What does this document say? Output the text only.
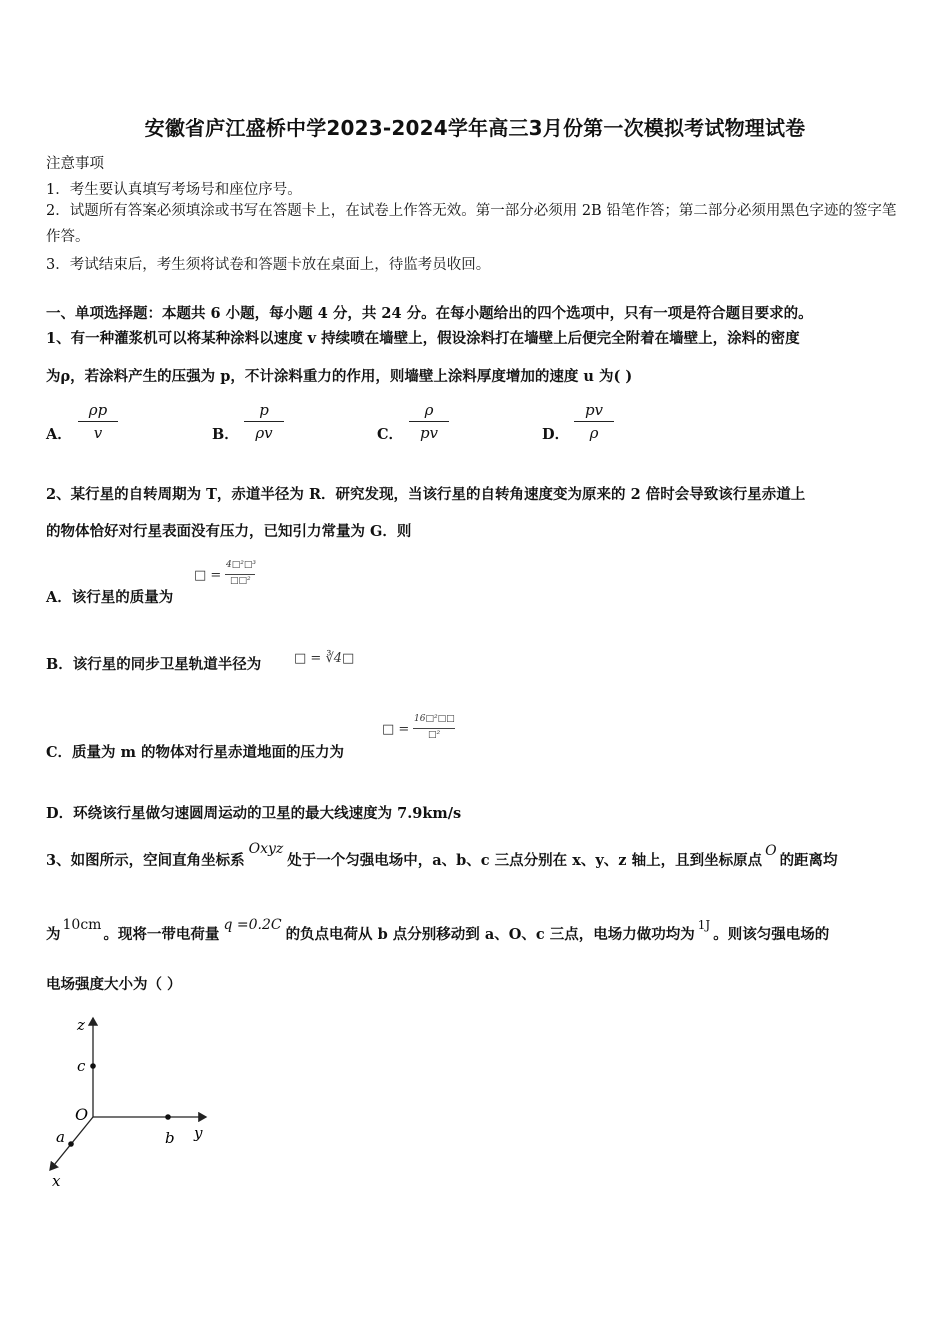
安徽省庐江盛桥中学2023-2024学年高三3月份第一次模拟考试物理试卷
注意事项
1．考生要认真填写考场号和座位序号。
2．试题所有答案必须填涂或书写在答题卡上，在试卷上作答无效。第一部分必须用 2B 铅笔作答；第二部分必须用黑色字迹的签字笔作答。
3．考试结束后，考生须将试卷和答题卡放在桌面上，待监考员收回。
一、单项选择题：本题共 6 小题，每小题 4 分，共 24 分。在每小题给出的四个选项中，只有一项是符合题目要求的。
1、有一种灌浆机可以将某种涂料以速度 v 持续喷在墙壁上，假设涂料打在墙壁上后便完全附着在墙壁上，涂料的密度
为ρ，若涂料产生的压强为 p，不计涂料重力的作用，则墙壁上涂料厚度增加的速度 u 为( )
A．
ρp
v	B．
p
ρv	C．
ρ
pv	D．
pv
ρ
2、某行星的自转周期为 T，赤道半径为 R．研究发现，当该行星的自转角速度变为原来的 2 倍时会导致该行星赤道上
的物体恰好对行星表面没有压力，已知引力常量为 G．则
A．该行星的质量为
□ =
4□²□³
□□²
B．该行星的同步卫星轨道半径为	□ = ∛4□
C．质量为 m 的物体对行星赤道地面的压力为
□ =
16□²□□
□²
D．环绕该行星做匀速圆周运动的卫星的最大线速度为 7.9km/s
3、如图所示，空间直角坐标系Oxyz处于一个匀强电场中，a、b、c 三点分别在 x、y、z 轴上，且到坐标原点O的距离均
为10cm。现将一带电荷量q =0.2C的负点电荷从 b 点分别移动到 a、O、c 三点，电场力做功均为$^{1J}$。则该匀强电场的
电场强度大小为（ ）
z
c
O
y
b
a
x
